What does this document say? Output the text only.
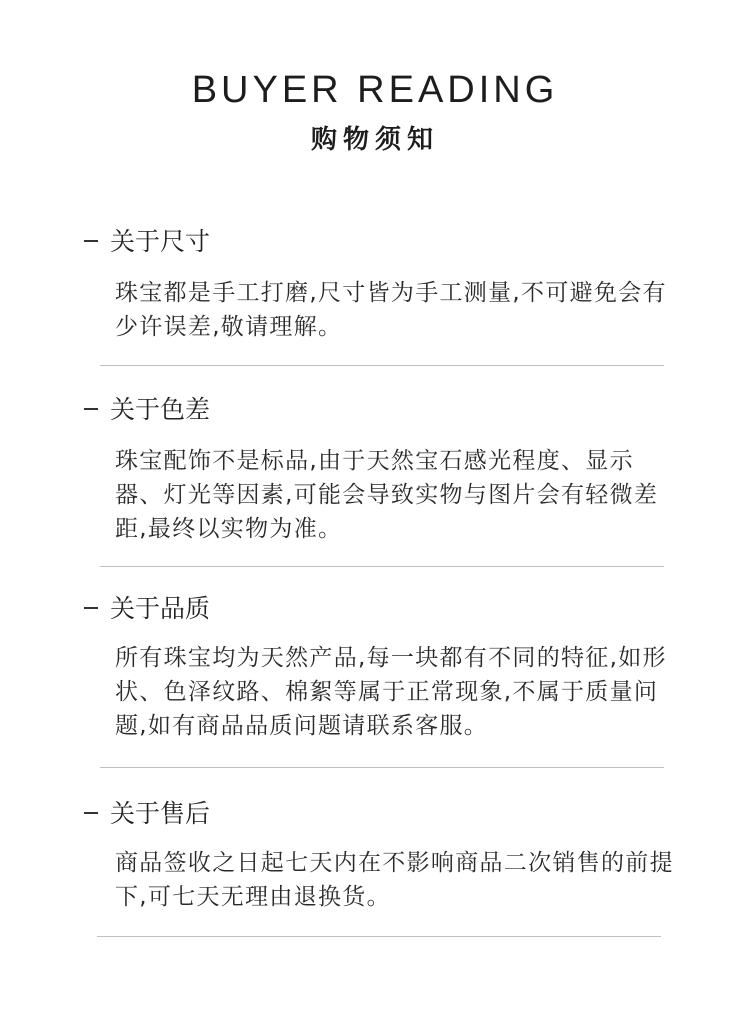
BUYER READING
购物须知
关于尺寸
珠宝都是手工打磨,尺寸皆为手工测量,不可避免会有少许误差,敬请理解。
关于色差
珠宝配饰不是标品,由于天然宝石感光程度、显示器、灯光等因素,可能会导致实物与图片会有轻微差距,最终以实物为准。
关于品质
所有珠宝均为天然产品,每一块都有不同的特征,如形状、色泽纹路、棉絮等属于正常现象,不属于质量问题,如有商品品质问题请联系客服。
关于售后
商品签收之日起七天内在不影响商品二次销售的前提下,可七天无理由退换货。
